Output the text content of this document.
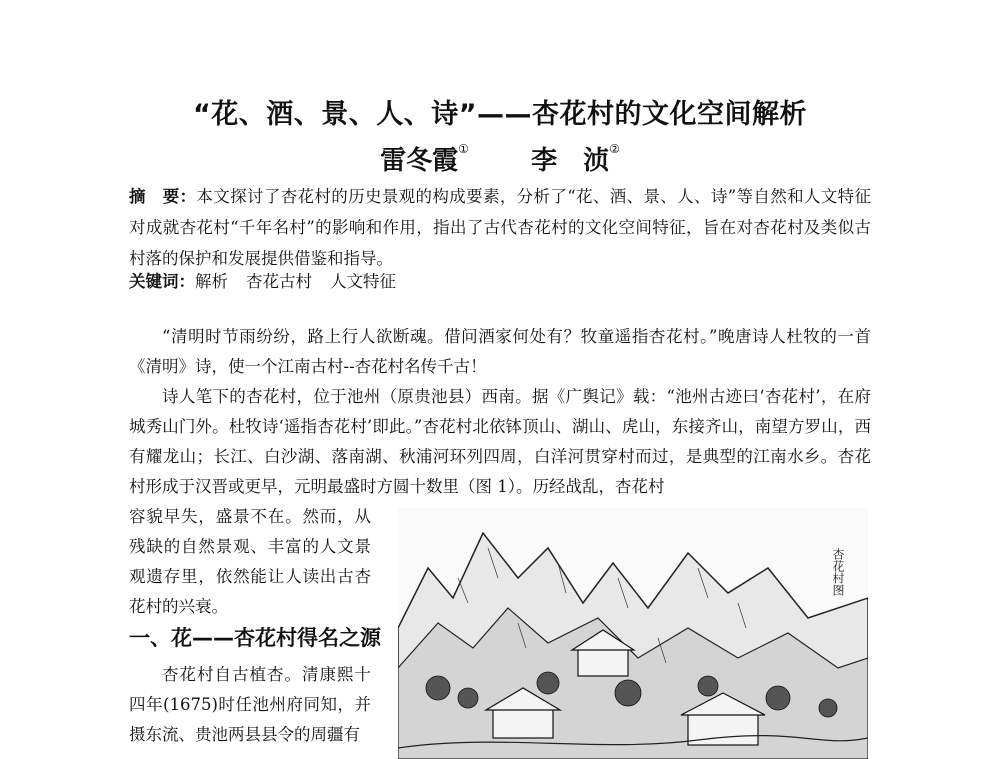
“花、酒、景、人、诗”——杏花村的文化空间解析
雷冬霞① 李　浈②

摘　要：本文探讨了杏花村的历史景观的构成要素，分析了“花、酒、景、人、诗”等自然和人文特征对成就杏花村“千年名村”的影响和作用，指出了古代杏花村的文化空间特征，旨在对杏花村及类似古村落的保护和发展提供借鉴和指导。

关键词：解析 杏花古村 人文特征

“清明时节雨纷纷，路上行人欲断魂。借问酒家何处有？牧童遥指杏花村。”晚唐诗人杜牧的一首《清明》诗，使一个江南古村--杏花村名传千古！

诗人笔下的杏花村，位于池州（原贵池县）西南。据《广舆记》载：“池州古迹曰‘杏花村’，在府城秀山门外。杜牧诗‘遥指杏花村’即此。”杏花村北依钵顶山、湖山、虎山，东接齐山，南望方罗山，西有耀龙山；长江、白沙湖、落南湖、秋浦河环列四周，白洋河贯穿村而过，是典型的江南水乡。杏花村形成于汉晋或更早，元明最盛时方圆十数里（图 1）。历经战乱，杏花村

容貌早失，盛景不在。然而，从残缺的自然景观、丰富的人文景观遗存里，依然能让人读出古杏花村的兴衰。

一、花——杏花村得名之源

杏花村自古植杏。清康熙十四年(1675)时任池州府同知，并摄东流、贵池两县县令的周疆有

杏花村图
